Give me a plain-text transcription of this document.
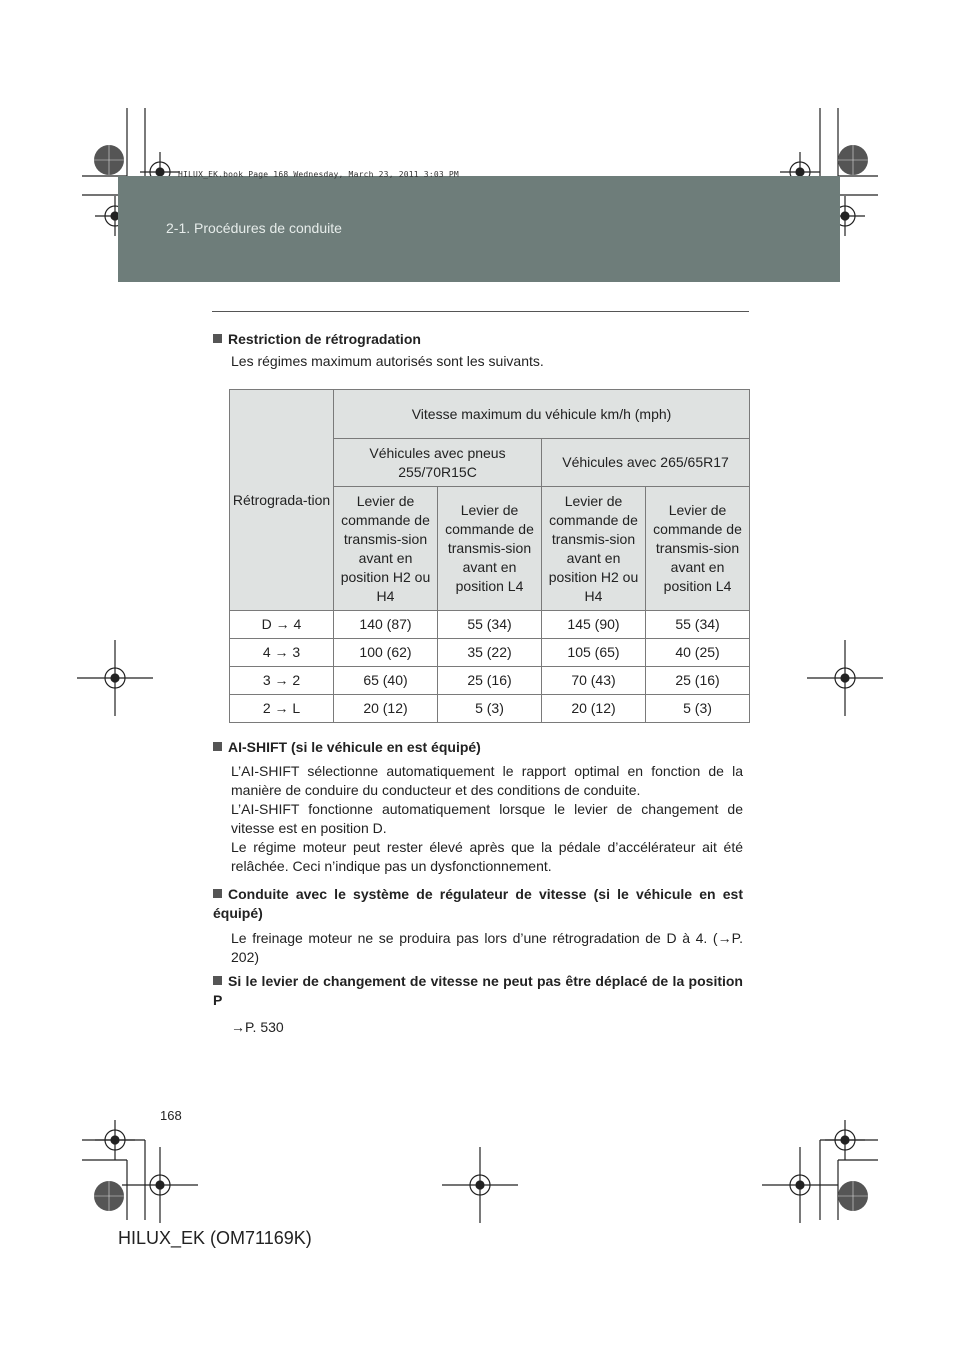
2-1. Procédures de conduite
HILUX_EK.book Page 168 Wednesday, March 23, 2011 3:03 PM
Restriction de rétrogradation
Les régimes maximum autorisés sont les suivants.
Rétrograda-tion	Vitesse maximum du véhicule km/h (mph)			
	Véhicules avec pneus 255/70R15C		Véhicules avec 265/65R17	
	Levier de commande de transmis-sion avant en position H2 ou H4	Levier de commande de transmis-sion avant en position L4	Levier de commande de transmis-sion avant en position H2 ou H4	Levier de commande de transmis-sion avant en position L4
D → 4	140 (87)	55 (34)	145 (90)	55 (34)
4 → 3	100 (62)	35 (22)	105 (65)	40 (25)
3 → 2	65 (40)	25 (16)	70 (43)	25 (16)
2 → L	20 (12)	5 (3)	20 (12)	5 (3)
AI-SHIFT (si le véhicule en est équipé)
L’AI-SHIFT sélectionne automatiquement le rapport optimal en fonction de la manière de conduire du conducteur et des conditions de conduite.
L’AI-SHIFT fonctionne automatiquement lorsque le levier de changement de vitesse est en position D.
Le régime moteur peut rester élevé après que la pédale d’accélérateur ait été relâchée. Ceci n’indique pas un dysfonctionnement.
Conduite avec le système de régulateur de vitesse (si le véhicule en est équipé)
Le freinage moteur ne se produira pas lors d’une rétrogradation de D à 4. (→P. 202)
Si le levier de changement de vitesse ne peut pas être déplacé de la position P
→P. 530
168
HILUX_EK (OM71169K)
